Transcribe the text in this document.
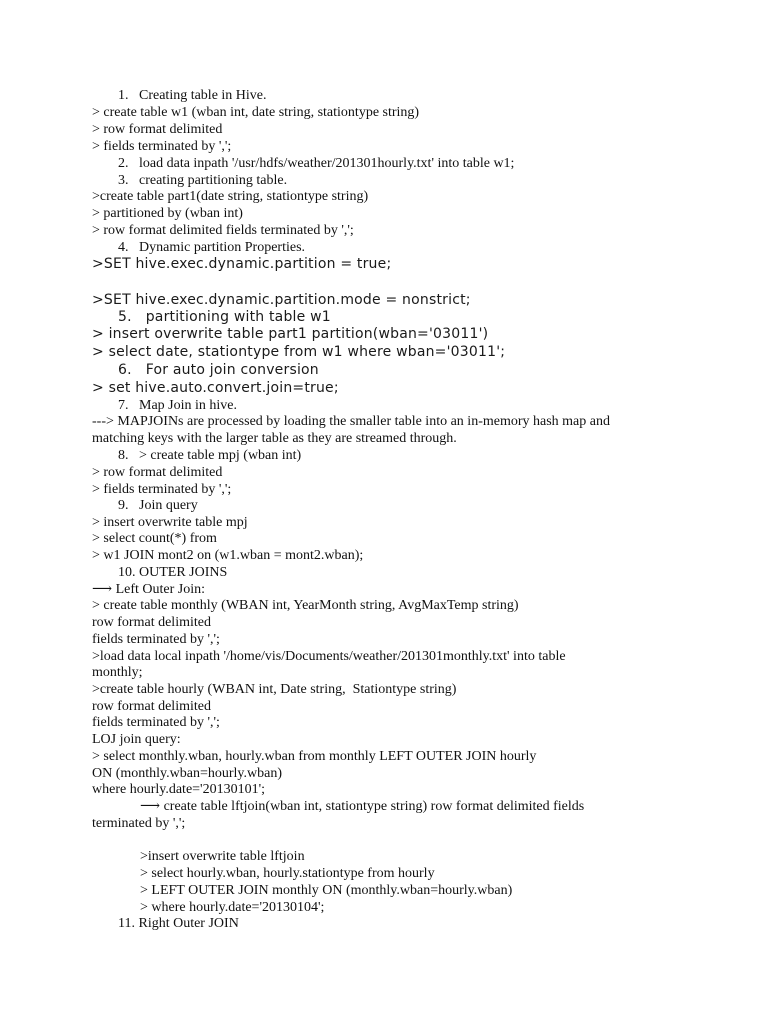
1.   Creating table in Hive.
> create table w1 (wban int, date string, stationtype string)
> row format delimited
> fields terminated by ',';
2.   load data inpath '/usr/hdfs/weather/201301hourly.txt' into table w1;
3.   creating partitioning table.
>create table part1(date string, stationtype string)
> partitioned by (wban int)
> row format delimited fields terminated by ',';
4.   Dynamic partition Properties.
>SET hive.exec.dynamic.partition = true;
>SET hive.exec.dynamic.partition.mode = nonstrict;
5.   partitioning with table w1
> insert overwrite table part1 partition(wban='03011')
> select date, stationtype from w1 where wban='03011';
6.   For auto join conversion
> set hive.auto.convert.join=true;
7.   Map Join in hive.
---> MAPJOINs are processed by loading the smaller table into an in-memory hash map and
matching keys with the larger table as they are streamed through.
8.   > create table mpj (wban int)
> row format delimited
> fields terminated by ',';
9.   Join query
> insert overwrite table mpj
> select count(*) from
> w1 JOIN mont2 on (w1.wban = mont2.wban);
10. OUTER JOINS
⟶ Left Outer Join:
> create table monthly (WBAN int, YearMonth string, AvgMaxTemp string)
row format delimited
fields terminated by ',';
>load data local inpath '/home/vis/Documents/weather/201301monthly.txt' into table
monthly;
>create table hourly (WBAN int, Date string,  Stationtype string)
row format delimited
fields terminated by ',';
LOJ join query:
> select monthly.wban, hourly.wban from monthly LEFT OUTER JOIN hourly
ON (monthly.wban=hourly.wban)
where hourly.date='20130101';
⟶ create table lftjoin(wban int, stationtype string) row format delimited fields
terminated by ',';
>insert overwrite table lftjoin
> select hourly.wban, hourly.stationtype from hourly
> LEFT OUTER JOIN monthly ON (monthly.wban=hourly.wban)
> where hourly.date='20130104';
11. Right Outer JOIN
